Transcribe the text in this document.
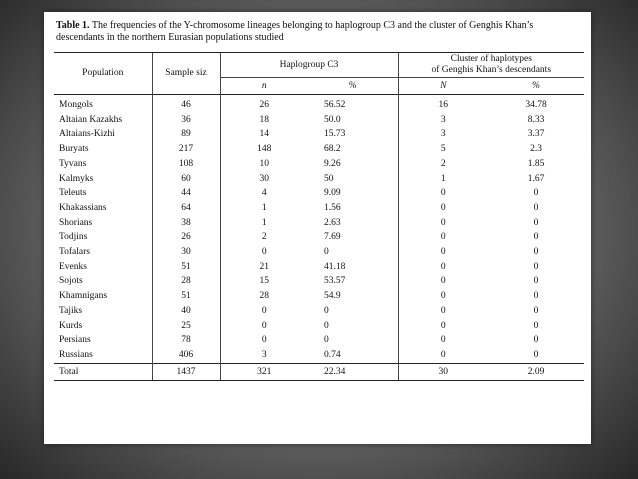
Table 1. The frequencies of the Y-chromosome lineages belonging to haplogroup C3 and the cluster of Genghis Khan’s descendants in the northern Eurasian populations studied
Population	Sample siz	Haplogroup C3		Cluster of haplotypes
of Genghis Khan’s descendants	
		n	%	N	%
Mongols	46	26	56.52	16	34.78
Altaian Kazakhs	36	18	50.0	3	8.33
Altaians-Kizhi	89	14	15.73	3	3.37
Buryats	217	148	68.2	5	2.3
Tyvans	108	10	9.26	2	1.85
Kalmyks	60	30	50	1	1.67
Teleuts	44	4	9.09	0	0
Khakassians	64	1	1.56	0	0
Shorians	38	1	2.63	0	0
Todjins	26	2	7.69	0	0
Tofalars	30	0	0	0	0
Evenks	51	21	41.18	0	0
Sojots	28	15	53.57	0	0
Khamnigans	51	28	54.9	0	0
Tajiks	40	0	0	0	0
Kurds	25	0	0	0	0
Persians	78	0	0	0	0
Russians	406	3	0.74	0	0
Total	1437	321	22.34	30	2.09
